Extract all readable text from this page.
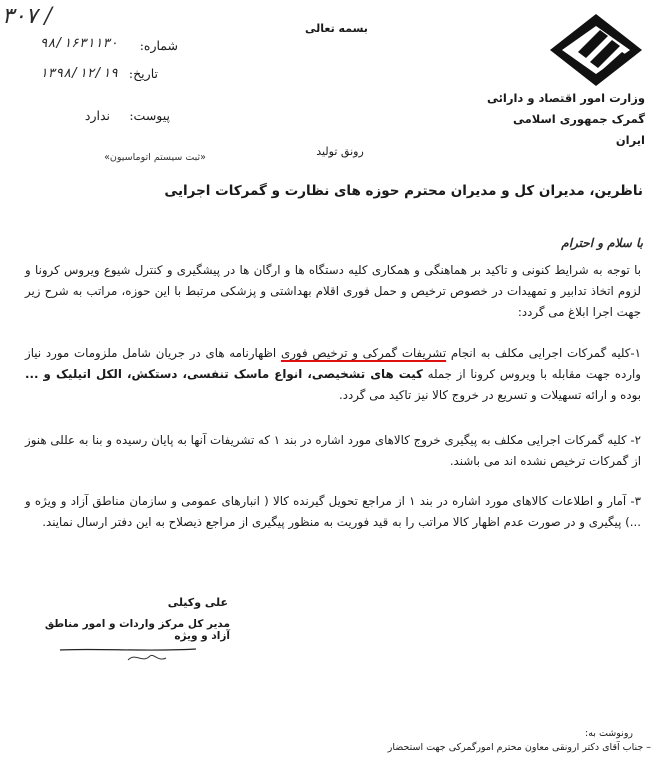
وزارت امور اقتصاد و دارائی
گمرک جمهوری اسلامی ایران
بسمه تعالی
۳۰۷ /
شماره:
۹۸/۱۶۳۱۱۳۰
تاریخ:
۱۳۹۸/۱۲/۱۹
پیوست:
ندارد
«ثبت سیستم اتوماسیون»	رونق تولید
ناظرین، مدیران کل و مدیران محترم حوزه های نظارت و گمرکات اجرایی
با سلام و احترام
با توجه به شرایط کنونی و تاکید بر هماهنگی و همکاری کلیه دستگاه ها و ارگان ها در پیشگیری و کنترل شیوع ویروس کرونا و لزوم اتخاذ تدابیر و تمهیدات در خصوص ترخیص و حمل فوری اقلام بهداشتی و پزشکی مرتبط با این حوزه، مراتب به شرح زیر جهت اجرا ابلاغ می گردد:
۱-کلیه گمرکات اجرایی مکلف به انجام تشریفات گمرکی و ترخیص فوری اظهارنامه های در جریان شامل ملزومات مورد نیاز وارده جهت مقابله با ویروس کرونا از جمله کیت های تشخیصی، انواع ماسک تنفسی، دستکش، الکل اتیلیک و ... بوده و ارائه تسهیلات و تسریع در خروج کالا نیز تاکید می گردد.
۲- کلیه گمرکات اجرایی مکلف به پیگیری خروج کالاهای مورد اشاره در بند ۱ که تشریفات آنها به پایان رسیده و بنا به عللی هنوز از گمرکات ترخیص نشده اند می باشند.
۳- آمار و اطلاعات کالاهای مورد اشاره در بند ۱ از مراجع تحویل گیرنده کالا ( انبارهای عمومی و سازمان مناطق آزاد و ویژه و ...) پیگیری و در صورت عدم اظهار کالا مراتب را به قید فوریت به منظور پیگیری از مراجع ذیصلاح به این دفتر ارسال نمایند.
علی وکیلی
مدیر کل مرکز واردات و امور مناطق آزاد و ویژه
رونوشت به:
– جناب آقای دکتر ارونقی معاون محترم امورگمرکی جهت استحضار
